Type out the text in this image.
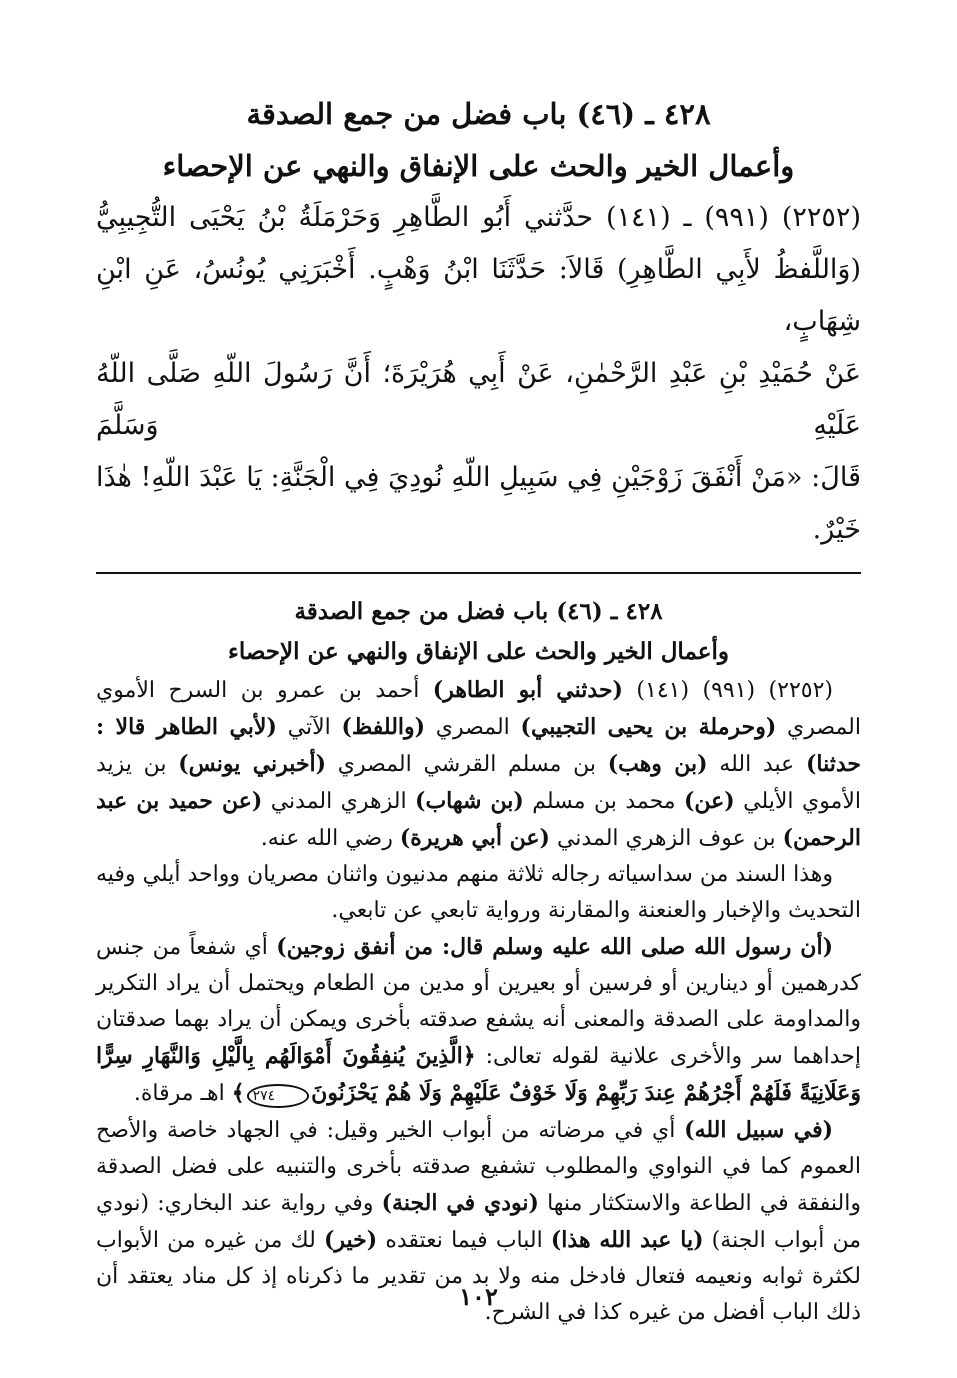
٤٢٨ ـ (٤٦) باب فضل من جمع الصدقة
وأعمال الخير والحث على الإنفاق والنهي عن الإحصاء

(٢٢٥٢) (٩٩١) ـ (١٤١) حدَّثني أَبُو الطَّاهِرِ وَحَرْمَلَةُ بْنُ يَحْيَى التُّجِيبِيُّ

(وَاللَّفظُ لأَبِي الطَّاهِرِ) قَالاَ: حَدَّثَنَا ابْنُ وَهْبٍ. أَخْبَرَنِي يُونُسُ، عَنِ ابْنِ شِهَابٍ،

عَنْ حُمَيْدِ بْنِ عَبْدِ الرَّحْمٰنِ، عَنْ أَبِي هُرَيْرَةَ؛ أَنَّ رَسُولَ اللّهِ صَلَّى اللّهُ عَلَيْهِ وَسَلَّمَ

قَالَ: «مَنْ أَنْفَقَ زَوْجَيْنِ فِي سَبِيلِ اللّهِ نُودِيَ فِي الْجَنَّةِ: يَا عَبْدَ اللّهِ! هٰذَا خَيْرٌ.

٤٢٨ ـ (٤٦) باب فضل من جمع الصدقة
وأعمال الخير والحث على الإنفاق والنهي عن الإحصاء

(٢٢٥٢) (٩٩١) (١٤١) (حدثني أبو الطاهر) أحمد بن عمرو بن السرح الأموي المصري (وحرملة بن يحيى التجيبي) المصري (واللفظ) الآتي (لأبي الطاهر قالا : حدثنا) عبد الله (بن وهب) بن مسلم القرشي المصري (أخبرني يونس) بن يزيد الأموي الأيلي (عن) محمد بن مسلم (بن شهاب) الزهري المدني (عن حميد بن عبد الرحمن) بن عوف الزهري المدني (عن أبي هريرة) رضي الله عنه.

وهذا السند من سداسياته رجاله ثلاثة منهم مدنيون واثنان مصريان وواحد أيلي وفيه التحديث والإخبار والعنعنة والمقارنة ورواية تابعي عن تابعي.

(أن رسول الله صلى الله عليه وسلم قال: من أنفق زوجين) أي شفعاً من جنس كدرهمين أو دينارين أو فرسين أو بعيرين أو مدين من الطعام ويحتمل أن يراد التكرير والمداومة على الصدقة والمعنى أنه يشفع صدقته بأخرى ويمكن أن يراد بهما صدقتان إحداهما سر والأخرى علانية لقوله تعالى: ﴿الَّذِينَ يُنفِقُونَ أَمْوَالَهُم بِالَّيْلِ وَالنَّهَارِ سِرًّا وَعَلَانِيَةً فَلَهُمْ أَجْرُهُمْ عِندَ رَبِّهِمْ وَلَا خَوْفٌ عَلَيْهِمْ وَلَا هُمْ يَحْزَنُونَ٢٧٤﴾ اهـ مرقاة.

(في سبيل الله) أي في مرضاته من أبواب الخير وقيل: في الجهاد خاصة والأصح العموم كما في النواوي والمطلوب تشفيع صدقته بأخرى والتنبيه على فضل الصدقة والنفقة في الطاعة والاستكثار منها (نودي في الجنة) وفي رواية عند البخاري: (نودي من أبواب الجنة) (يا عبد الله هذا) الباب فيما نعتقده (خير) لك من غيره من الأبواب لكثرة ثوابه ونعيمه فتعال فادخل منه ولا بد من تقدير ما ذكرناه إذ كل مناد يعتقد أن ذلك الباب أفضل من غيره كذا في الشرح.

١٠٢
